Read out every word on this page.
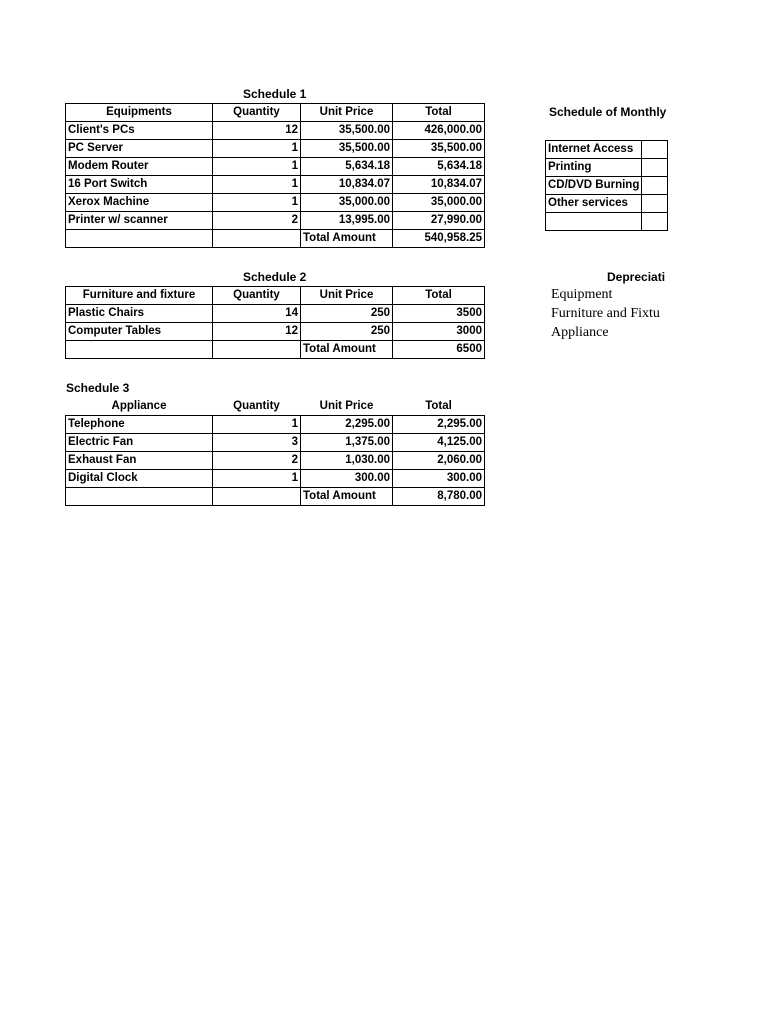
Schedule 1
Equipments	Quantity	Unit Price	Total
Client's PCs	12	35,500.00	426,000.00
PC Server	1	35,500.00	35,500.00
Modem Router	1	5,634.18	5,634.18
16 Port Switch	1	10,834.07	10,834.07
Xerox Machine	1	35,000.00	35,000.00
Printer w/ scanner	2	13,995.00	27,990.00
		Total Amount	540,958.25
Schedule of Monthly
Internet Access	
Printing	
CD/DVD Burning	
Other services	

Schedule 2
Furniture and fixture	Quantity	Unit Price	Total
Plastic Chairs	14	250	3500
Computer Tables	12	250	3000
		Total Amount	6500
Depreciati
Equipment
Furniture and Fixtu
Appliance
Schedule 3
Appliance	Quantity	Unit Price	Total
Telephone	1	2,295.00	2,295.00
Electric Fan	3	1,375.00	4,125.00
Exhaust Fan	2	1,030.00	2,060.00
Digital Clock	1	300.00	300.00
		Total Amount	8,780.00
